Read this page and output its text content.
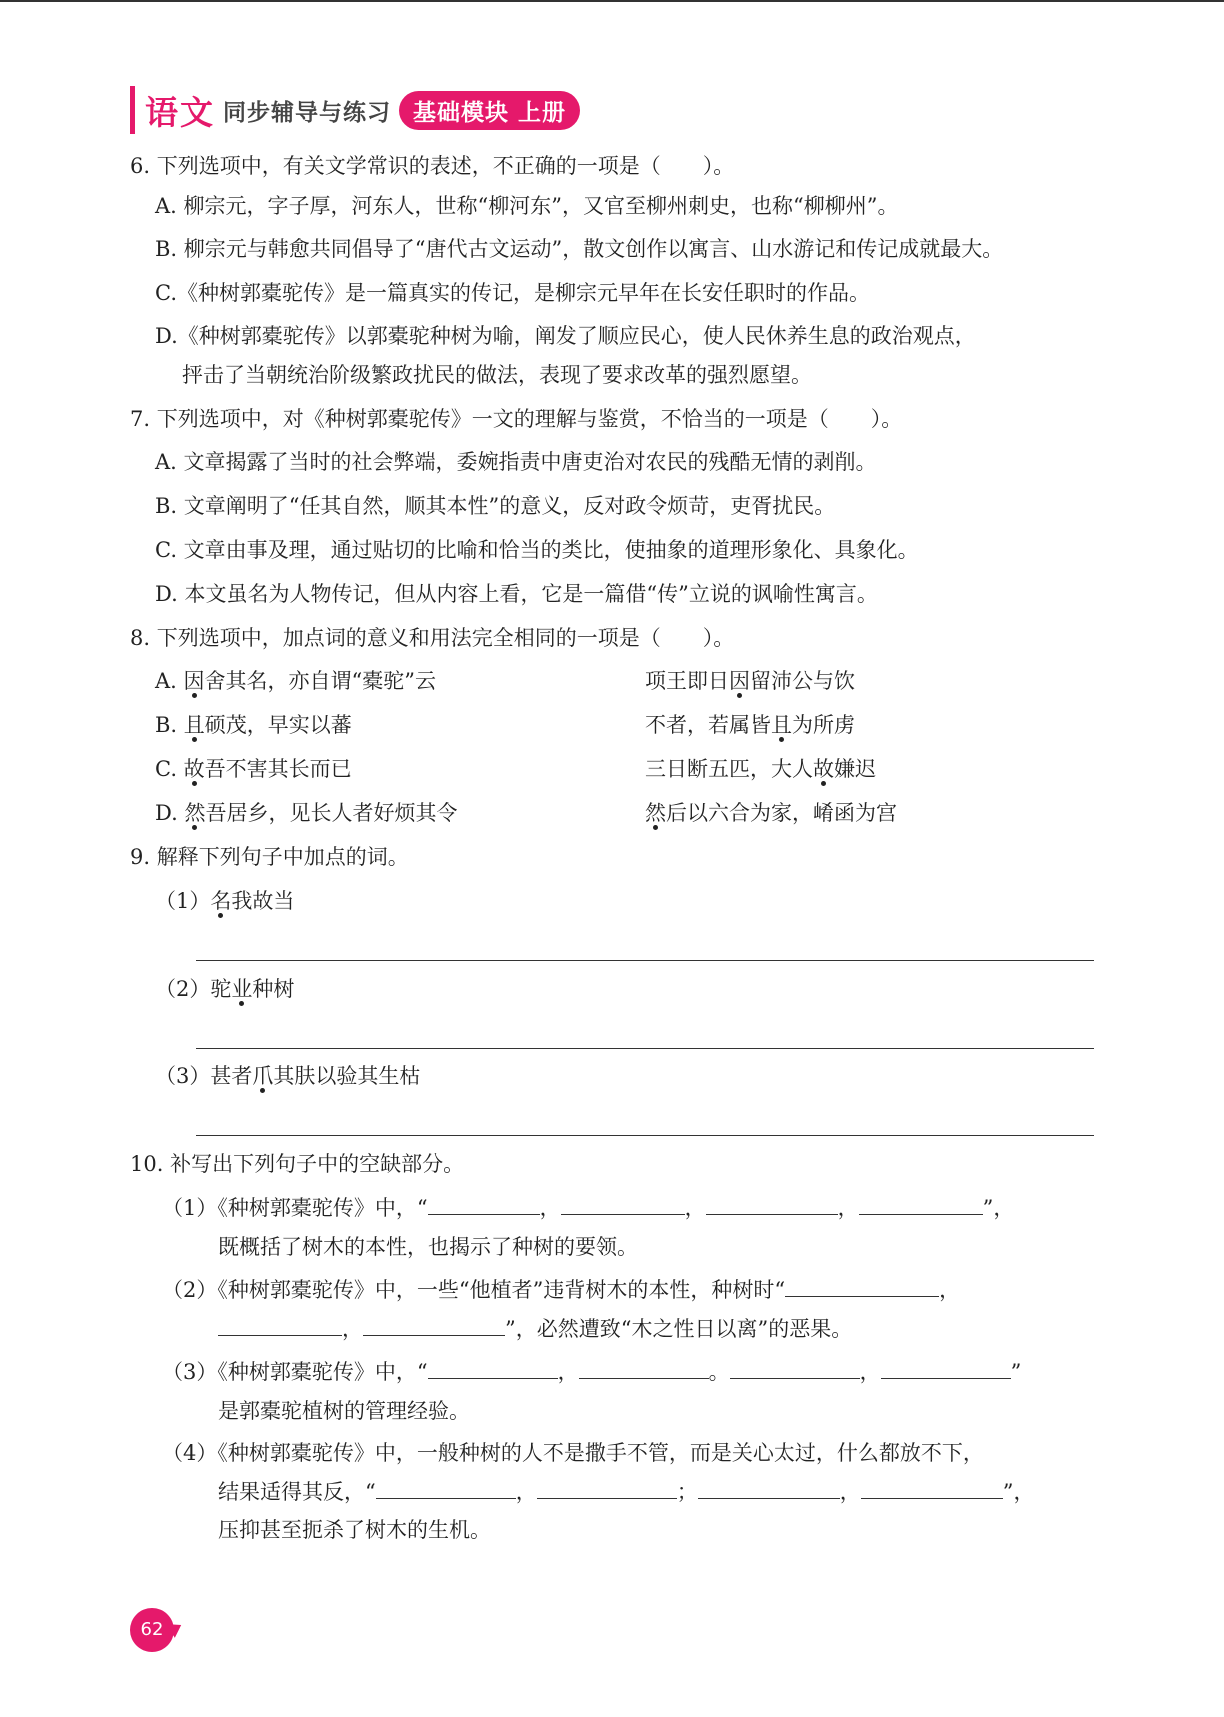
语文 同步辅导与练习 基础模块 上册
6. 下列选项中，有关文学常识的表述，不正确的一项是（　　）。
A. 柳宗元，字子厚，河东人，世称“柳河东”，又官至柳州刺史，也称“柳柳州”。
B. 柳宗元与韩愈共同倡导了“唐代古文运动”，散文创作以寓言、山水游记和传记成就最大。
C.《种树郭橐驼传》是一篇真实的传记，是柳宗元早年在长安任职时的作品。
D.《种树郭橐驼传》以郭橐驼种树为喻，阐发了顺应民心，使人民休养生息的政治观点，
抨击了当朝统治阶级繁政扰民的做法，表现了要求改革的强烈愿望。
7. 下列选项中，对《种树郭橐驼传》一文的理解与鉴赏，不恰当的一项是（　　）。
A. 文章揭露了当时的社会弊端，委婉指责中唐吏治对农民的残酷无情的剥削。
B. 文章阐明了“任其自然，顺其本性”的意义，反对政令烦苛，吏胥扰民。
C. 文章由事及理，通过贴切的比喻和恰当的类比，使抽象的道理形象化、具象化。
D. 本文虽名为人物传记，但从内容上看，它是一篇借“传”立说的讽喻性寓言。
8. 下列选项中，加点词的意义和用法完全相同的一项是（　　）。
A. 因舍其名，亦自谓“橐驼”云	项王即日因留沛公与饮
B. 且硕茂，早实以蕃	不者，若属皆且为所虏
C. 故吾不害其长而已	三日断五匹，大人故嫌迟
D. 然吾居乡，见长人者好烦其令	然后以六合为家，崤函为宫
9. 解释下列句子中加点的词。
（1）名我故当
（2）驼业种树
（3）甚者爪其肤以验其生枯
10. 补写出下列句子中的空缺部分。
（1）《种树郭橐驼传》中，“	，	，	，	”，
既概括了树木的本性，也揭示了种树的要领。
（2）《种树郭橐驼传》中，一些“他植者”违背树木的本性，种树时“	，
，	”，必然遭致“木之性日以离”的恶果。
（3）《种树郭橐驼传》中，“	，	。	，	”
是郭橐驼植树的管理经验。
（4）《种树郭橐驼传》中，一般种树的人不是撒手不管，而是关心太过，什么都放不下，
结果适得其反，“	，	；	，	”，
压抑甚至扼杀了树木的生机。
62
